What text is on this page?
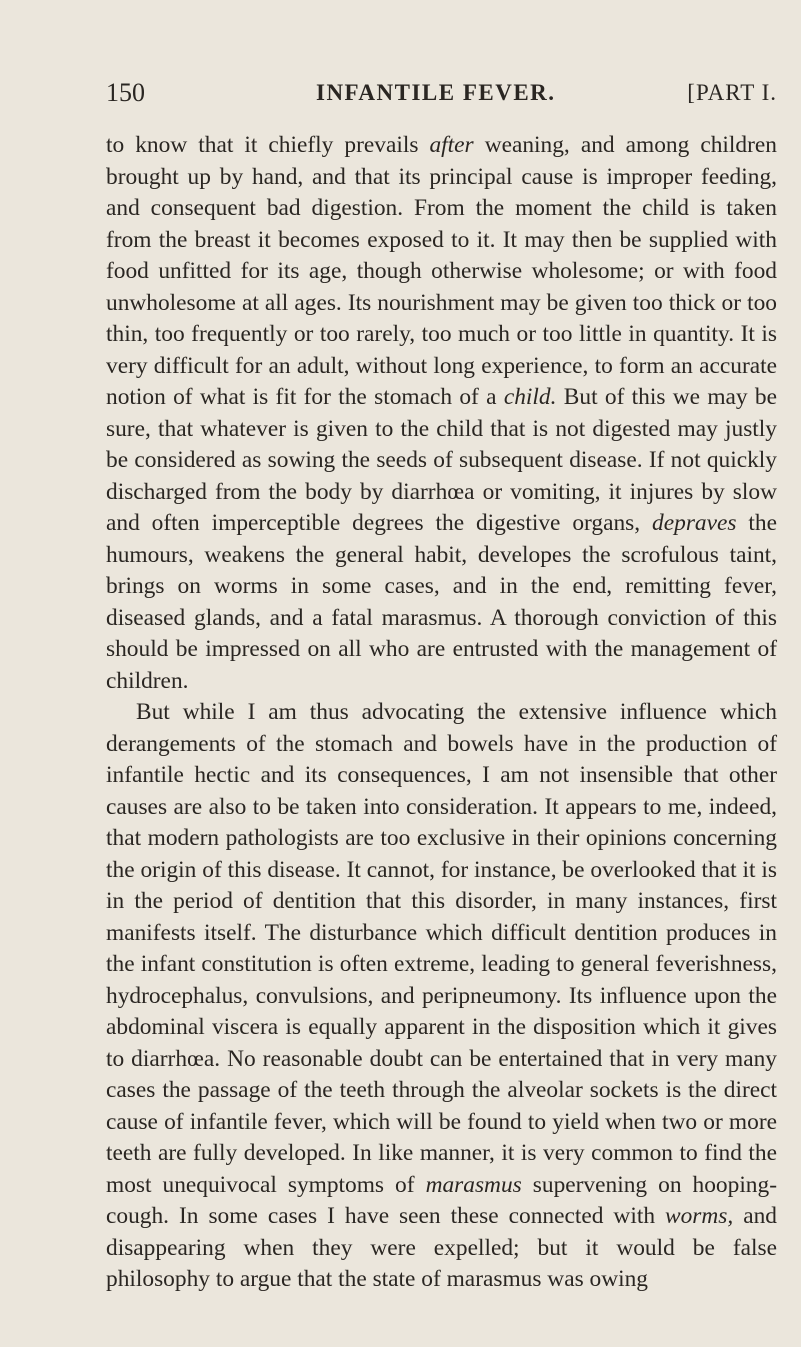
150	INFANTILE FEVER.	[PART I.

to know that it chiefly prevails after weaning, and among children brought up by hand, and that its principal cause is improper feeding, and consequent bad digestion. From the moment the child is taken from the breast it becomes exposed to it. It may then be supplied with food unfitted for its age, though otherwise wholesome; or with food unwholesome at all ages. Its nourishment may be given too thick or too thin, too frequently or too rarely, too much or too little in quantity. It is very difficult for an adult, without long experience, to form an accurate notion of what is fit for the stomach of a child. But of this we may be sure, that whatever is given to the child that is not digested may justly be considered as sowing the seeds of subsequent disease. If not quickly discharged from the body by diarrhœa or vomiting, it injures by slow and often imperceptible degrees the digestive organs, depraves the humours, weakens the general habit, developes the scrofulous taint, brings on worms in some cases, and in the end, remitting fever, diseased glands, and a fatal marasmus. A thorough conviction of this should be impressed on all who are entrusted with the management of children.

But while I am thus advocating the extensive influence which derangements of the stomach and bowels have in the production of infantile hectic and its consequences, I am not insensible that other causes are also to be taken into consideration. It appears to me, indeed, that modern pathologists are too exclusive in their opinions concerning the origin of this disease. It cannot, for instance, be overlooked that it is in the period of dentition that this disorder, in many instances, first manifests itself. The disturbance which difficult dentition produces in the infant constitution is often extreme, leading to general feverishness, hydrocephalus, convulsions, and peripneumony. Its influence upon the abdominal viscera is equally apparent in the disposition which it gives to diarrhœa. No reasonable doubt can be entertained that in very many cases the passage of the teeth through the alveolar sockets is the direct cause of infantile fever, which will be found to yield when two or more teeth are fully developed. In like manner, it is very common to find the most unequivocal symptoms of marasmus supervening on hooping-cough. In some cases I have seen these connected with worms, and disappearing when they were expelled; but it would be false philosophy to argue that the state of marasmus was owing
